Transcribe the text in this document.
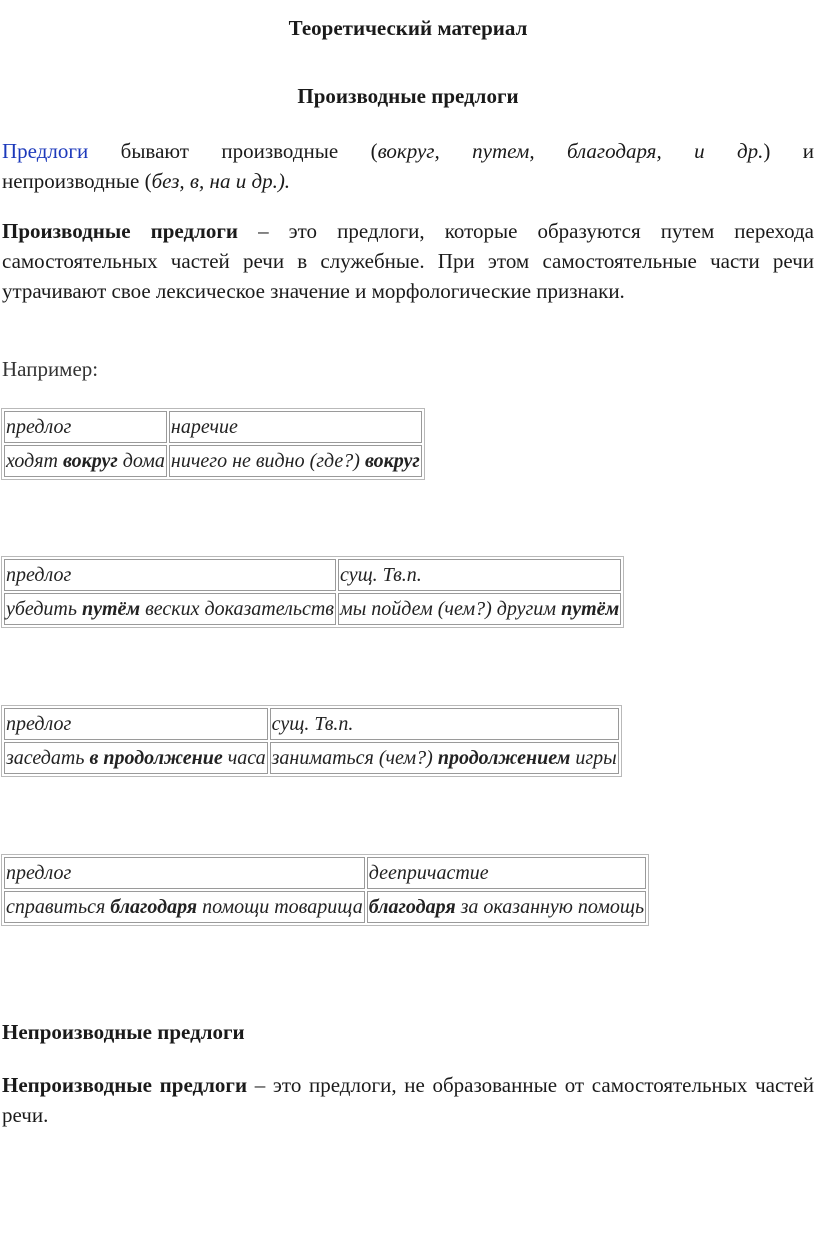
Теоретический материал
Производные предлоги
Предлоги бывают производные (вокруг, путем, благодаря, и др.) и
непроизводные (без, в, на и др.).
Производные предлоги – это предлоги, которые образуются путем перехода самостоятельных частей речи в служебные. При этом самостоятельные части речи утрачивают свое лексическое значение и морфологические признаки.
Например:
предлог	наречие
ходят вокруг дома	ничего не видно (где?) вокруг
предлог	сущ. Тв.п.
убедить путём веских доказательств	мы пойдем (чем?) другим путём
предлог	сущ. Тв.п.
заседать в продолжение часа	заниматься (чем?) продолжением игры
предлог	деепричастие
справиться благодаря помощи товарища	благодаря за оказанную помощь
Непроизводные предлоги
Непроизводные предлоги – это предлоги, не образованные от самостоятельных частей речи.
